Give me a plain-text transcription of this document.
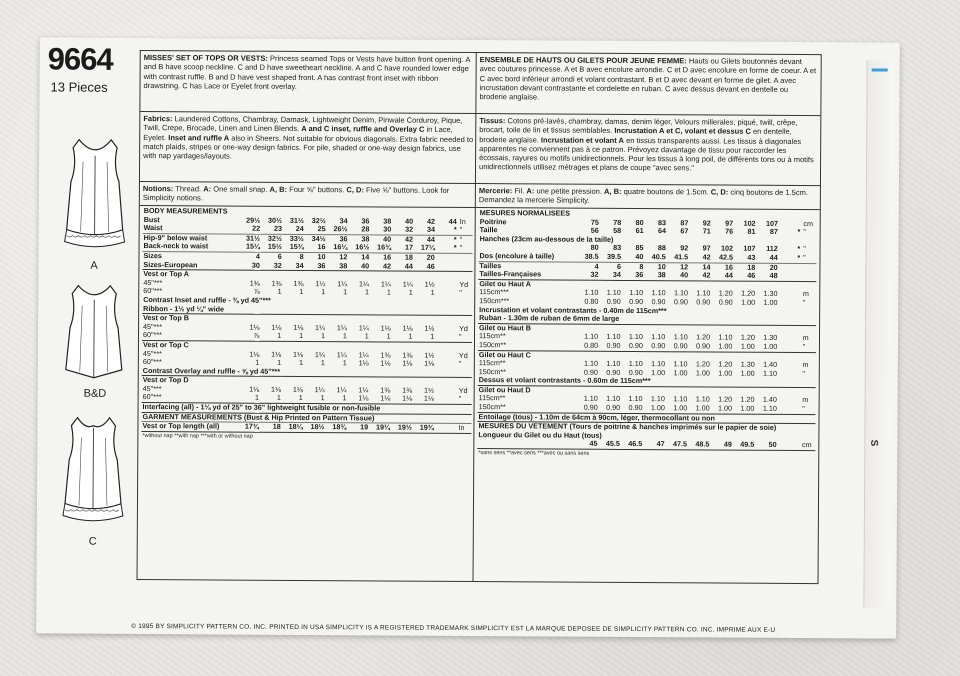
S
9664
13 Pieces
A
B&D
C

MISSES' SET OF TOPS OR VESTS: Princess seamed Tops or Vests have button front opening. A and B have scoop neckline. C and D have sweetheart neckline. A and C have rounded lower edge with contrast ruffle. B and D have vest shaped front. A has contrast front inset with ribbon drawstring. C has Lace or Eyelet front overlay.

Fabrics: Laundered Cottons, Chambray, Damask, Lightweight Denim, Pinwale Corduroy, Pique, Twill, Crepe, Brocade, Linen and Linen Blends. A and C inset, ruffle and Overlay C in Lace, Eyelet. Inset and ruffle A also in Sheers. Not suitable for obvious diagonals. Extra fabric needed to match plaids, stripes or one-way design fabrics. For pile, shaded or one-way design fabrics, use with nap yardages/layouts.

Notions: Thread. A: One small snap. A, B: Four ⅝" buttons. C, D: Five ⅝" buttons. Look for Simplicity notions.

BODY MEASUREMENTS											
Bust	29½	30½	31½	32½	34	36	38	40	42	44	In
Waist	22	23	24	25	26½	28	30	32	34	*	"
Hip-9" below waist	31½	32½	33½	34½	36	38	40	42	44	*	"
Back-neck to waist	15¼	15½	15¾	16	16¼	16½	16¾	17	17¼	*	"
Sizes	4	6	8	10	12	14	16	18	20		
Sizes-European	30	32	34	36	38	40	42	44	46		
Vest or Top A											
45"***	1⅜	1⅜	1⅜	1¼	1¼	1¼	1¼	1¼	1½		Yd
60"***	⅞	1	1	1	1	1	1	1	1		"
Contrast Inset and ruffle - ⅜ yd 45"***											
Ribbon - 1½ yd ¼" wide											
Vest or Top B											
45"***	1⅛	1⅛	1⅛	1¼	1¼	1¼	1⅛	1⅛	1½		Yd
60"***	⅞	1	1	1	1	1	1	1	1		"
Vest or Top C											
45"***	1⅛	1⅛	1⅛	1¼	1¼	1¼	1⅜	1⅜	1½		Yd
60"***	1	1	1	1	1	1⅛	1⅛	1⅛	1⅛		"
Contrast Overlay and ruffle - ⅝ yd 45"***											
Vest or Top D											
45"***	1⅛	1⅛	1⅛	1¼	1¼	1¼	1⅜	1⅜	1½		Yd
60"***	1	1	1	1	1	1⅛	1⅛	1⅛	1⅛		"
Interfacing (all) - 1⅛ yd of 25" to 36" lightweight fusible or non-fusible											
GARMENT MEASUREMENTS (Bust & Hip Printed on Pattern Tissue)											
Vest or Top length (all)	17¾	18	18¼	18½	18¾	19	19¼	19½	19¾		In
*without nap **with nap ***with or without nap											

ENSEMBLE DE HAUTS OU GILETS POUR JEUNE FEMME: Hauts ou Gilets boutonnés devant avec coutures princesse. A et B avec encolure arrondie. C et D avec encolure en forme de coeur. A et C avec bord inférieur arrondi et volant contrastant. B et D avec devant en forme de gilet. A avec incrustation devant contrastante et cordelette en ruban. C avec dessus devant en dentelle ou broderie anglaise.

Tissus: Cotons pré-lavés, chambray, damas, denim léger, Velours millerales, piqué, twill, crêpe, brocart, toile de lin et tissus semblables. Incrustation A et C, volant et dessus C en dentelle, broderie anglaise. Incrustation et volant A en tissus transparents aussi. Les tissus à diagonales apparentes ne conviennent pas à ce patron. Prévoyez davantage de tissu pour raccorder les écossais, rayures ou motifs unidirectionnels. Pour les tissus à long poil, de différents tons ou à motifs unidirectionnels utilisez métrages et plans de coupe "avec sens."

Mercerie: Fil. A: une petite pression. A, B: quatre boutons de 1.5cm. C, D: cinq boutons de 1.5cm. Demandez la mercerie Simplicity.

MESURES NORMALISEES											
Poitrine	75	78	80	83	87	92	97	102	107		cm
Taille	56	58	61	64	67	71	76	81	87	*	"
Hanches (23cm au-dessous de la taille)											
	80	83	85	88	92	97	102	107	112	*	"
Dos (encolure à taille)	38.5	39.5	40	40.5	41.5	42	42.5	43	44	*	"
Tailles	4	6	8	10	12	14	16	18	20		
Tailles-Françaises	32	34	36	38	40	42	44	46	48		
Gilet ou Haut A											
115cm***	1.10	1.10	1.10	1.10	1.10	1.10	1.20	1.20	1.30		m
150cm***	0.80	0.90	0.90	0.90	0.90	0.90	0.90	1.00	1.00		"
Incrustation et volant contrastants - 0.40m de 115cm***											
Ruban - 1.30m de ruban de 6mm de large											
Gilet ou Haut B											
115cm**	1.10	1.10	1.10	1.10	1.10	1.20	1.10	1.20	1.30		m
150cm**	0.80	0.90	0.90	0.90	0.90	0.90	1.00	1.00	1.00		"
Gilet ou Haut C											
115cm**	1.10	1.10	1.10	1.10	1.10	1.20	1.20	1.30	1.40		m
150cm**	0.90	0.90	0.90	1.00	1.00	1.00	1.00	1.00	1.10		"
Dessus et volant contrastants - 0.60m de 115cm***											
Gilet ou Haut D											
115cm**	1.10	1.10	1.10	1.10	1.10	1.10	1.20	1.20	1.40		m
150cm**	0.90	0.90	0.90	1.00	1.00	1.00	1.00	1.00	1.10		"
Entoilage (tous) - 1.10m de 64cm à 90cm, léger, thermocollant ou non											
MESURES DU VETEMENT (Tours de poitrine & hanches imprimés sur le papier de soie)											
Longueur du Gilet ou du Haut (tous)											
	45	45.5	46.5	47	47.5	48.5	49	49.5	50		cm
*sans sens **avec sens ***avec ou sans sens											
© 1995 BY SIMPLICITY PATTERN CO. INC. PRINTED IN USA SIMPLICITY IS A REGISTERED TRADEMARK SIMPLICITY EST LA MARQUE DEPOSEE DE SIMPLICITY PATTERN CO. INC. IMPRIME AUX E-U
